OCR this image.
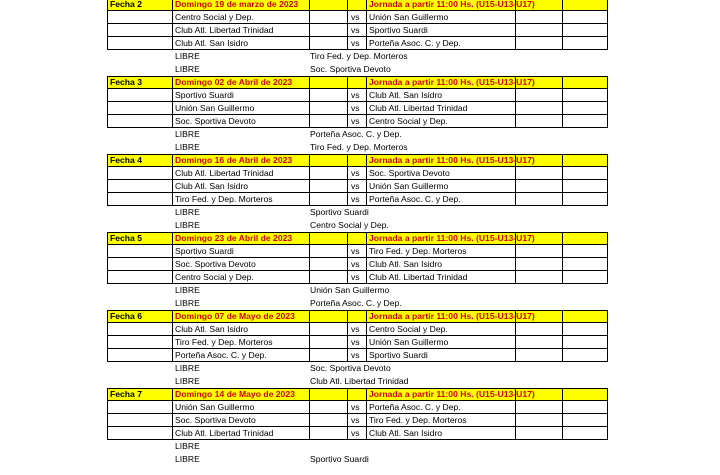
Fecha 2	Domingo 19 de marzo de 2023	Jornada a partir 11:00 Hs. (U15-U13-U17)
Centro Social y Dep.	vs Unión San Guillermo
Club Atl. Libertad Trinidad	vs Sportivo Suardi
Club Atl. San Isidro	vs Porteña Asoc. C. y Dep.
LIBRE	Tiro Fed. y Dep. Morteros
LIBRE	Soc. Sportiva Devoto
Fecha 3	Domingo 02 de Abril de 2023	Jornada a partir 11:00 Hs. (U15-U13-U17)
Sportivo Suardi	vs Club Atl. San Isidro
Unión San Guillermo	vs Club Atl. Libertad Trinidad
Soc. Sportiva Devoto	vs Centro Social y Dep.
LIBRE	Porteña Asoc. C. y Dep.
LIBRE	Tiro Fed. y Dep. Morteros
Fecha 4	Domingo 16 de Abril de 2023	Jornada a partir 11:00 Hs. (U15-U13-U17)
Club Atl. Libertad Trinidad	vs Soc. Sportiva Devoto
Club Atl. San Isidro	vs Unión San Guillermo
Tiro Fed. y Dep. Morteros	vs Porteña Asoc. C. y Dep.
LIBRE	Sportivo Suardi
LIBRE	Centro Social y Dep.
Fecha 5	Domingo 23 de Abril de 2023	Jornada a partir 11:00 Hs. (U15-U13-U17)
Sportivo Suardi	vs Tiro Fed. y Dep. Morteros
Soc. Sportiva Devoto	vs Club Atl. San Isidro
Centro Social y Dep.	vs Club Atl. Libertad Trinidad
LIBRE	Unión San Guillermo
LIBRE	Porteña Asoc. C. y Dep.
Fecha 6	Domingo 07 de Mayo de 2023	Jornada a partir 11:00 Hs. (U15-U13-U17)
Club Atl. San Isidro	vs Centro Social y Dep.
Tiro Fed. y Dep. Morteros	vs Unión San Guillermo
Porteña Asoc. C. y Dep.	vs Sportivo Suardi
LIBRE	Soc. Sportiva Devoto
LIBRE	Club Atl. Libertad Trinidad
Fecha 7	Domingo 14 de Mayo de 2023	Jornada a partir 11:00 Hs. (U15-U13-U17)
Unión San Guillermo	vs Porteña Asoc. C. y Dep.
Soc. Sportiva Devoto	vs Tiro Fed. y Dep. Morteros
Club Atl. Libertad Trinidad	vs Club Atl. San Isidro
LIBRE
LIBRE	Sportivo Suardi
